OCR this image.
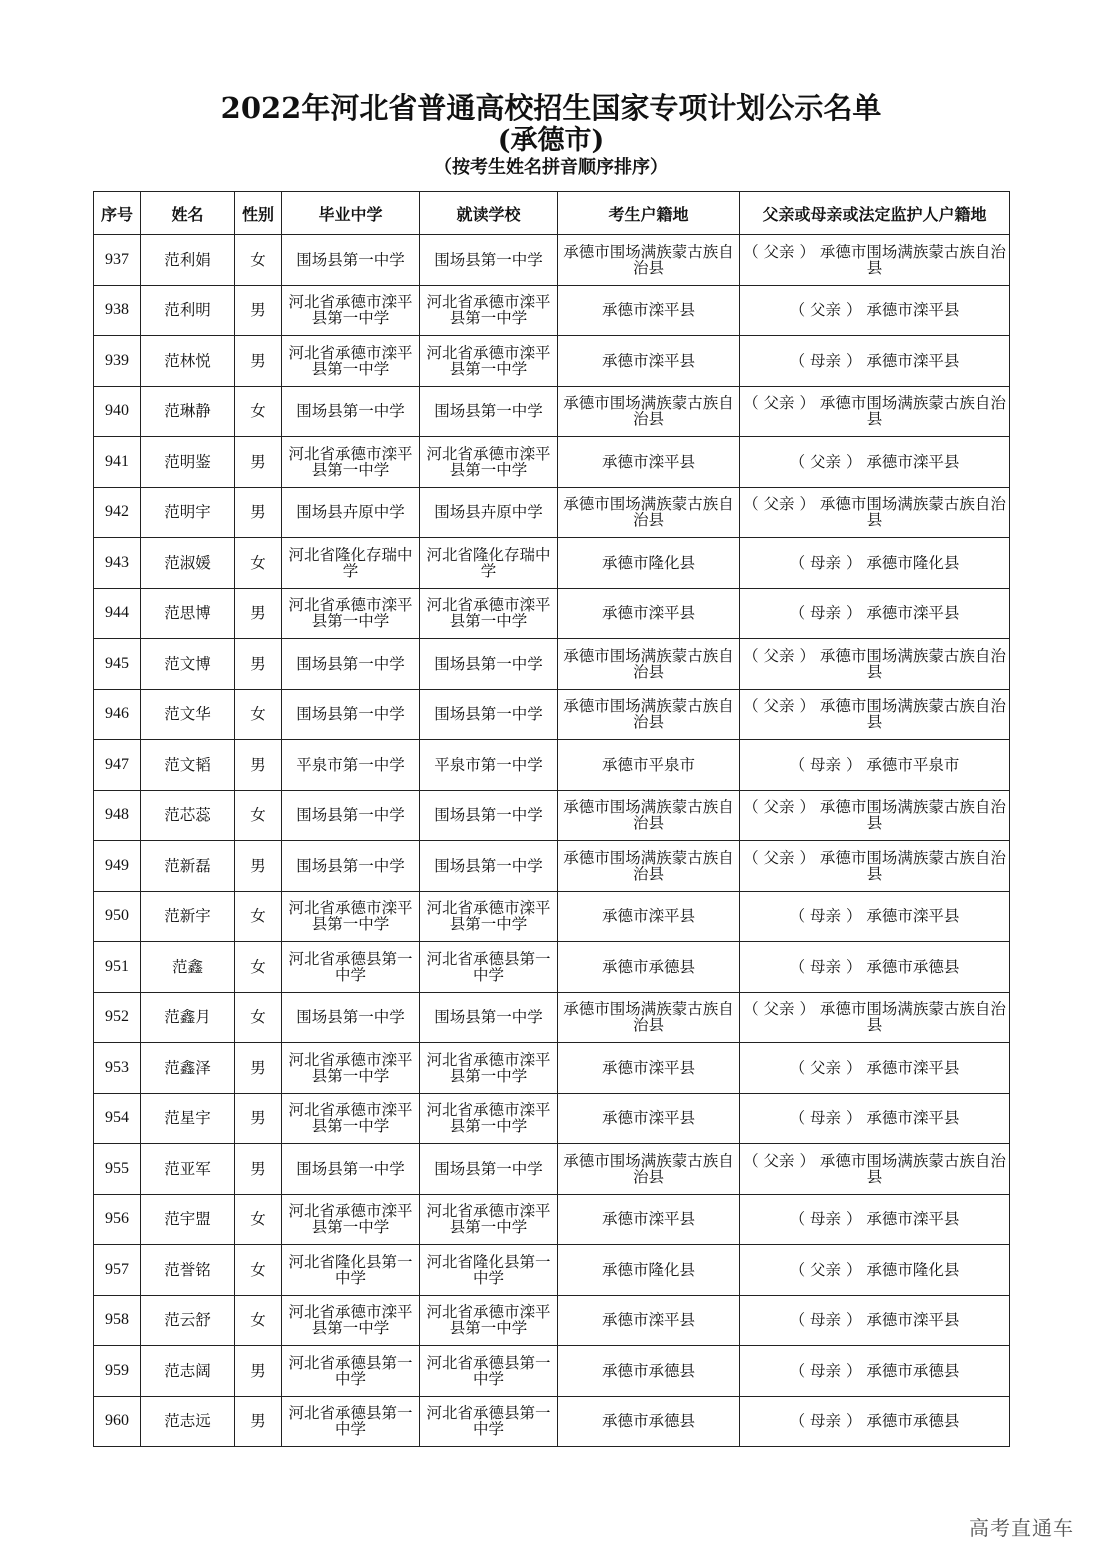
2022年河北省普通高校招生国家专项计划公示名单
(承德市)
（按考生姓名拼音顺序排序）
序号	姓名	性别	毕业中学	就读学校	考生户籍地	父亲或母亲或法定监护人户籍地
937	范利娟	女	围场县第一中学	围场县第一中学	承德市围场满族蒙古族自治县	（ 父亲 ） 承德市围场满族蒙古族自治县
938	范利明	男	河北省承德市滦平县第一中学	河北省承德市滦平县第一中学	承德市滦平县	（ 父亲 ） 承德市滦平县
939	范林悦	男	河北省承德市滦平县第一中学	河北省承德市滦平县第一中学	承德市滦平县	（ 母亲 ） 承德市滦平县
940	范琳静	女	围场县第一中学	围场县第一中学	承德市围场满族蒙古族自治县	（ 父亲 ） 承德市围场满族蒙古族自治县
941	范明鉴	男	河北省承德市滦平县第一中学	河北省承德市滦平县第一中学	承德市滦平县	（ 父亲 ） 承德市滦平县
942	范明宇	男	围场县卉原中学	围场县卉原中学	承德市围场满族蒙古族自治县	（ 父亲 ） 承德市围场满族蒙古族自治县
943	范淑媛	女	河北省隆化存瑞中学	河北省隆化存瑞中学	承德市隆化县	（ 母亲 ） 承德市隆化县
944	范思博	男	河北省承德市滦平县第一中学	河北省承德市滦平县第一中学	承德市滦平县	（ 母亲 ） 承德市滦平县
945	范文博	男	围场县第一中学	围场县第一中学	承德市围场满族蒙古族自治县	（ 父亲 ） 承德市围场满族蒙古族自治县
946	范文华	女	围场县第一中学	围场县第一中学	承德市围场满族蒙古族自治县	（ 父亲 ） 承德市围场满族蒙古族自治县
947	范文韬	男	平泉市第一中学	平泉市第一中学	承德市平泉市	（ 母亲 ） 承德市平泉市
948	范芯蕊	女	围场县第一中学	围场县第一中学	承德市围场满族蒙古族自治县	（ 父亲 ） 承德市围场满族蒙古族自治县
949	范新磊	男	围场县第一中学	围场县第一中学	承德市围场满族蒙古族自治县	（ 父亲 ） 承德市围场满族蒙古族自治县
950	范新宇	女	河北省承德市滦平县第一中学	河北省承德市滦平县第一中学	承德市滦平县	（ 母亲 ） 承德市滦平县
951	范鑫	女	河北省承德县第一中学	河北省承德县第一中学	承德市承德县	（ 母亲 ） 承德市承德县
952	范鑫月	女	围场县第一中学	围场县第一中学	承德市围场满族蒙古族自治县	（ 父亲 ） 承德市围场满族蒙古族自治县
953	范鑫泽	男	河北省承德市滦平县第一中学	河北省承德市滦平县第一中学	承德市滦平县	（ 父亲 ） 承德市滦平县
954	范星宇	男	河北省承德市滦平县第一中学	河北省承德市滦平县第一中学	承德市滦平县	（ 母亲 ） 承德市滦平县
955	范亚军	男	围场县第一中学	围场县第一中学	承德市围场满族蒙古族自治县	（ 父亲 ） 承德市围场满族蒙古族自治县
956	范宇盟	女	河北省承德市滦平县第一中学	河北省承德市滦平县第一中学	承德市滦平县	（ 母亲 ） 承德市滦平县
957	范誉铭	女	河北省隆化县第一中学	河北省隆化县第一中学	承德市隆化县	（ 父亲 ） 承德市隆化县
958	范云舒	女	河北省承德市滦平县第一中学	河北省承德市滦平县第一中学	承德市滦平县	（ 母亲 ） 承德市滦平县
959	范志阔	男	河北省承德县第一中学	河北省承德县第一中学	承德市承德县	（ 母亲 ） 承德市承德县
960	范志远	男	河北省承德县第一中学	河北省承德县第一中学	承德市承德县	（ 母亲 ） 承德市承德县
高考直通车
